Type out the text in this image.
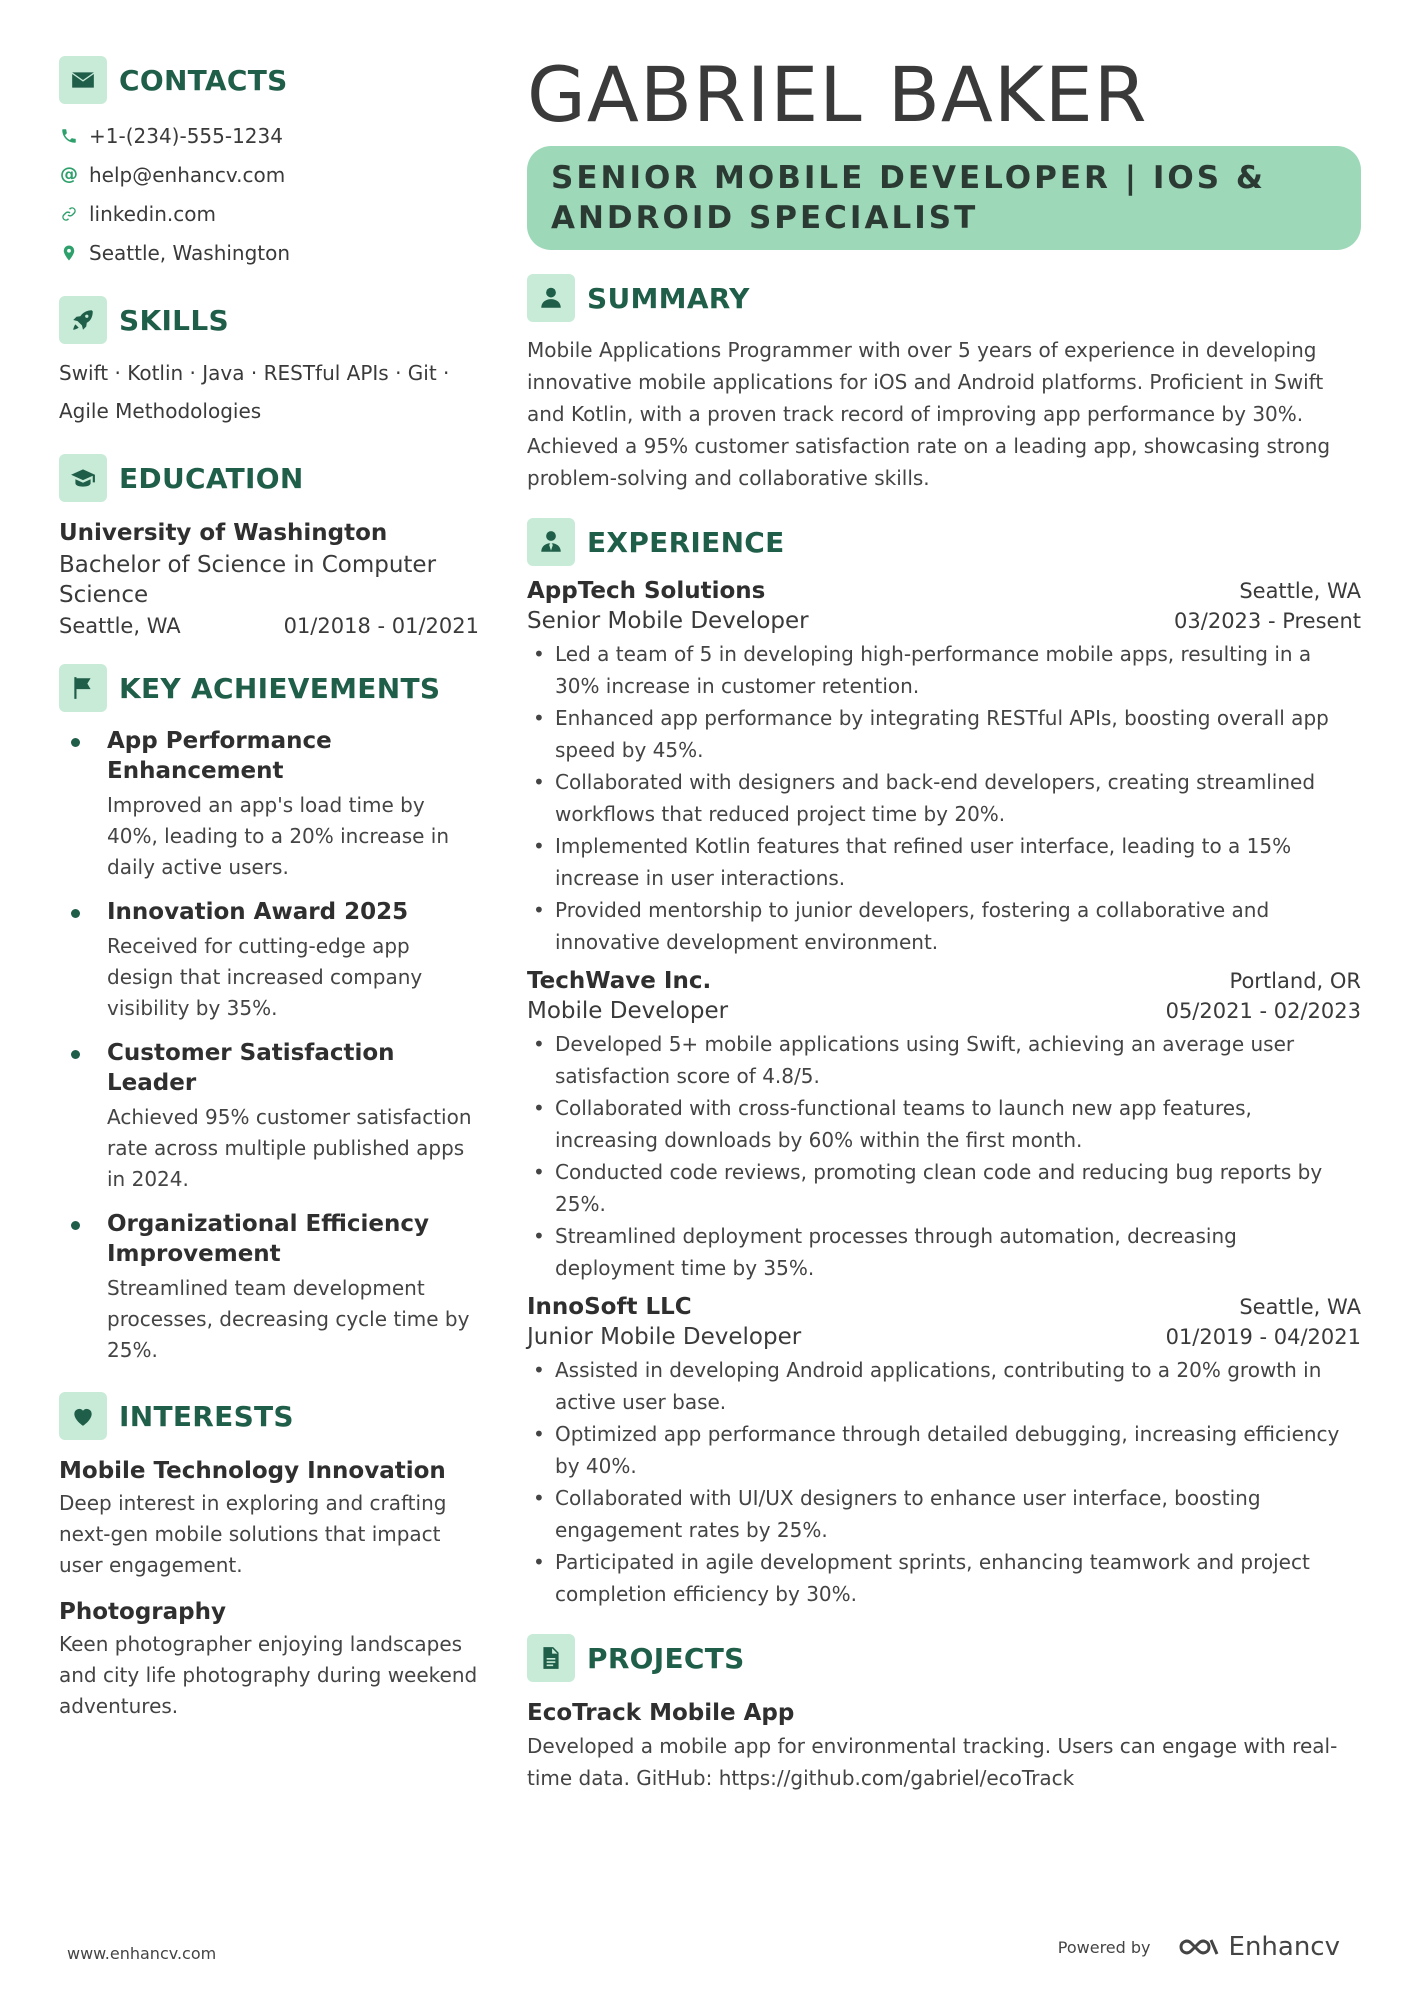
CONTACTS
+1-(234)-555-1234
@ help@enhancv.com
linkedin.com
Seattle, Washington
SKILLS
Swift · Kotlin · Java · RESTful APIs · Git · Agile Methodologies
EDUCATION
University of Washington
Bachelor of Science in Computer Science
Seattle, WA	01/2018 - 01/2021
KEY ACHIEVEMENTS
App Performance Enhancement
Improved an app's load time by 40%, leading to a 20% increase in daily active users.
Innovation Award 2025
Received for cutting-edge app design that increased company visibility by 35%.
Customer Satisfaction Leader
Achieved 95% customer satisfaction rate across multiple published apps in 2024.
Organizational Efficiency Improvement
Streamlined team development processes, decreasing cycle time by 25%.
INTERESTS
Mobile Technology Innovation
Deep interest in exploring and crafting next-gen mobile solutions that impact user engagement.
Photography
Keen photographer enjoying landscapes and city life photography during weekend adventures.
GABRIEL BAKER
SENIOR MOBILE DEVELOPER | IOS & ANDROID SPECIALIST
SUMMARY
Mobile Applications Programmer with over 5 years of experience in developing innovative mobile applications for iOS and Android platforms. Proficient in Swift and Kotlin, with a proven track record of improving app performance by 30%. Achieved a 95% customer satisfaction rate on a leading app, showcasing strong problem-solving and collaborative skills.
EXPERIENCE
AppTech Solutions	Seattle, WA
Senior Mobile Developer	03/2023 - Present
• Led a team of 5 in developing high-performance mobile apps, resulting in a 30% increase in customer retention.
• Enhanced app performance by integrating RESTful APIs, boosting overall app speed by 45%.
• Collaborated with designers and back-end developers, creating streamlined workflows that reduced project time by 20%.
• Implemented Kotlin features that refined user interface, leading to a 15% increase in user interactions.
• Provided mentorship to junior developers, fostering a collaborative and innovative development environment.
TechWave Inc.	Portland, OR
Mobile Developer	05/2021 - 02/2023
• Developed 5+ mobile applications using Swift, achieving an average user satisfaction score of 4.8/5.
• Collaborated with cross-functional teams to launch new app features, increasing downloads by 60% within the first month.
• Conducted code reviews, promoting clean code and reducing bug reports by 25%.
• Streamlined deployment processes through automation, decreasing deployment time by 35%.
InnoSoft LLC	Seattle, WA
Junior Mobile Developer	01/2019 - 04/2021
• Assisted in developing Android applications, contributing to a 20% growth in active user base.
• Optimized app performance through detailed debugging, increasing efficiency by 40%.
• Collaborated with UI/UX designers to enhance user interface, boosting engagement rates by 25%.
• Participated in agile development sprints, enhancing teamwork and project completion efficiency by 30%.
PROJECTS
EcoTrack Mobile App
Developed a mobile app for environmental tracking. Users can engage with real-time data. GitHub: https://github.com/gabriel/ecoTrack
www.enhancv.com	Powered by	Enhancv
